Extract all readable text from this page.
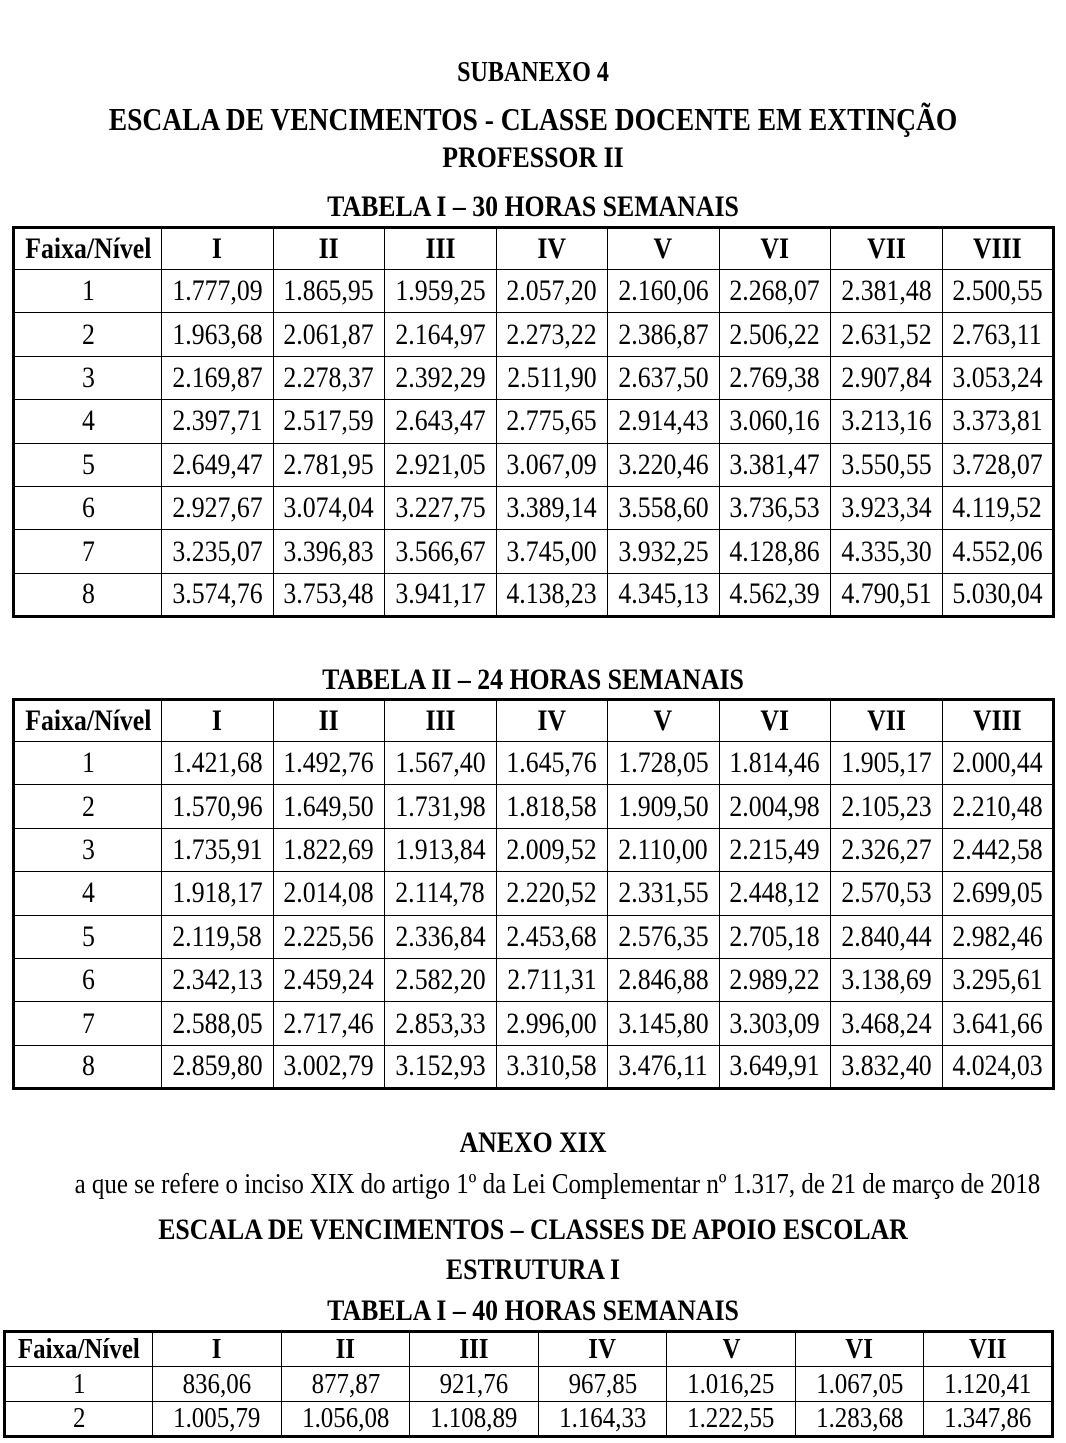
SUBANEXO 4
ESCALA DE VENCIMENTOS - CLASSE DOCENTE EM EXTINÇÃO
PROFESSOR II
TABELA I – 30 HORAS SEMANAIS
Faixa/Nível	I	II	III	IV	V	VI	VII	VIII
1	1.777,09	1.865,95	1.959,25	2.057,20	2.160,06	2.268,07	2.381,48	2.500,55
2	1.963,68	2.061,87	2.164,97	2.273,22	2.386,87	2.506,22	2.631,52	2.763,11
3	2.169,87	2.278,37	2.392,29	2.511,90	2.637,50	2.769,38	2.907,84	3.053,24
4	2.397,71	2.517,59	2.643,47	2.775,65	2.914,43	3.060,16	3.213,16	3.373,81
5	2.649,47	2.781,95	2.921,05	3.067,09	3.220,46	3.381,47	3.550,55	3.728,07
6	2.927,67	3.074,04	3.227,75	3.389,14	3.558,60	3.736,53	3.923,34	4.119,52
7	3.235,07	3.396,83	3.566,67	3.745,00	3.932,25	4.128,86	4.335,30	4.552,06
8	3.574,76	3.753,48	3.941,17	4.138,23	4.345,13	4.562,39	4.790,51	5.030,04
TABELA II – 24 HORAS SEMANAIS
Faixa/Nível	I	II	III	IV	V	VI	VII	VIII
1	1.421,68	1.492,76	1.567,40	1.645,76	1.728,05	1.814,46	1.905,17	2.000,44
2	1.570,96	1.649,50	1.731,98	1.818,58	1.909,50	2.004,98	2.105,23	2.210,48
3	1.735,91	1.822,69	1.913,84	2.009,52	2.110,00	2.215,49	2.326,27	2.442,58
4	1.918,17	2.014,08	2.114,78	2.220,52	2.331,55	2.448,12	2.570,53	2.699,05
5	2.119,58	2.225,56	2.336,84	2.453,68	2.576,35	2.705,18	2.840,44	2.982,46
6	2.342,13	2.459,24	2.582,20	2.711,31	2.846,88	2.989,22	3.138,69	3.295,61
7	2.588,05	2.717,46	2.853,33	2.996,00	3.145,80	3.303,09	3.468,24	3.641,66
8	2.859,80	3.002,79	3.152,93	3.310,58	3.476,11	3.649,91	3.832,40	4.024,03
ANEXO XIX
a que se refere o inciso XIX do artigo 1º da Lei Complementar nº 1.317, de 21 de março de 2018
ESCALA DE VENCIMENTOS – CLASSES DE APOIO ESCOLAR
ESTRUTURA I
TABELA I – 40 HORAS SEMANAIS
Faixa/Nível	I	II	III	IV	V	VI	VII
1	836,06	877,87	921,76	967,85	1.016,25	1.067,05	1.120,41
2	1.005,79	1.056,08	1.108,89	1.164,33	1.222,55	1.283,68	1.347,86
